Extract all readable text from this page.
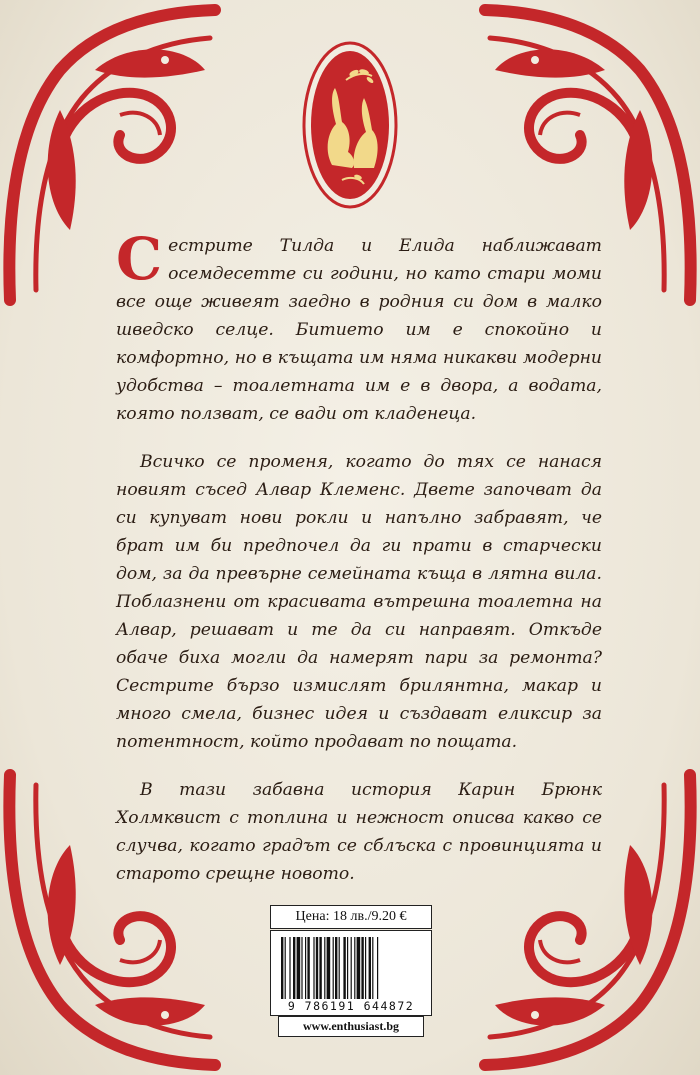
Сестрите Тилда и Елида наближават осемдесетте си години, но като стари моми все още живеят заедно в родния си дом в малко шведско селце. Битието им е спокойно и комфортно, но в къщата им няма никакви модерни удобства – тоалетната им е в двора, а водата, която ползват, се вади от кладенеца.

Всичко се променя, когато до тях се нанася новият съсед Алвар Клеменс. Двете започват да си купуват нови рокли и напълно забравят, че брат им би предпочел да ги прати в старчески дом, за да превърне семейната къща в лятна вила. Поблазнени от красивата вътрешна тоалетна на Алвар, решават и те да си направят. Откъде обаче биха могли да намерят пари за ремонта? Сестрите бързо измислят брилянтна, макар и много смела, бизнес идея и създават еликсир за потентност, който продават по пощата.

В тази забавна история Карин Брюнк Холмквист с топлина и нежност описва какво се случва, когато градът се сблъска с провинцията и старото срещне новото.

Цена: 18 лв./9.20 €
9 786191 644872
www.enthusiast.bg
